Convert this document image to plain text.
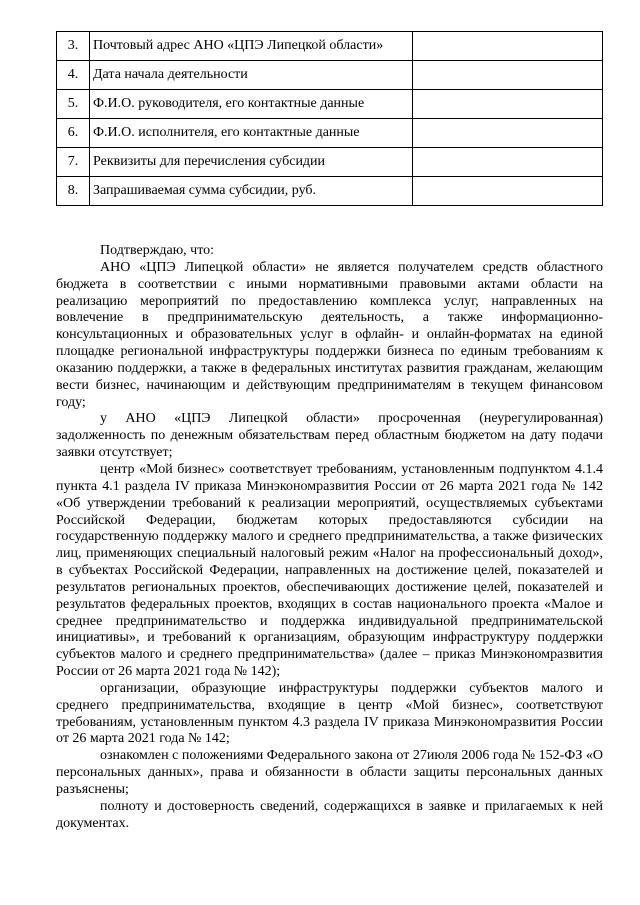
3.	Почтовый адрес АНО «ЦПЭ Липецкой области»	
4.	Дата начала деятельности	
5.	Ф.И.О. руководителя, его контактные данные	
6.	Ф.И.О. исполнителя, его контактные данные	
7.	Реквизиты для перечисления субсидии	
8.	Запрашиваемая сумма субсидии, руб.	

Подтверждаю, что:

АНО «ЦПЭ Липецкой области» не является получателем средств областного бюджета в соответствии с иными нормативными правовыми актами области на реализацию мероприятий по предоставлению комплекса услуг, направленных на вовлечение в предпринимательскую деятельность, а также информационно-консультационных и образовательных услуг в офлайн- и онлайн-форматах на единой площадке региональной инфраструктуры поддержки бизнеса по единым требованиям к оказанию поддержки, а также в федеральных институтах развития гражданам, желающим вести бизнес, начинающим и действующим предпринимателям в текущем финансовом году;

у АНО «ЦПЭ Липецкой области» просроченная (неурегулированная) задолженность по денежным обязательствам перед областным бюджетом на дату подачи заявки отсутствует;

центр «Мой бизнес» соответствует требованиям, установленным подпунктом 4.1.4 пункта 4.1 раздела IV приказа Минэкономразвития России от 26 марта 2021 года № 142 «Об утверждении требований к реализации мероприятий, осуществляемых субъектами Российской Федерации, бюджетам которых предоставляются субсидии на государственную поддержку малого и среднего предпринимательства, а также физических лиц, применяющих специальный налоговый режим «Налог на профессиональный доход», в субъектах Российской Федерации, направленных на достижение целей, показателей и результатов региональных проектов, обеспечивающих достижение целей, показателей и результатов федеральных проектов, входящих в состав национального проекта «Малое и среднее предпринимательство и поддержка индивидуальной предпринимательской инициативы», и требований к организациям, образующим инфраструктуру поддержки субъектов малого и среднего предпринимательства» (далее – приказ Минэкономразвития России от 26 марта 2021 года № 142);

организации, образующие инфраструктуры поддержки субъектов малого и среднего предпринимательства, входящие в центр «Мой бизнес», соответствуют требованиям, установленным пунктом 4.3 раздела IV приказа Минэкономразвития России от 26 марта 2021 года № 142;

ознакомлен с положениями Федерального закона от 27июля 2006 года № 152-ФЗ «О персональных данных», права и обязанности в области защиты персональных данных разъяснены;

полноту и достоверность сведений, содержащихся в заявке и прилагаемых к ней документах.
